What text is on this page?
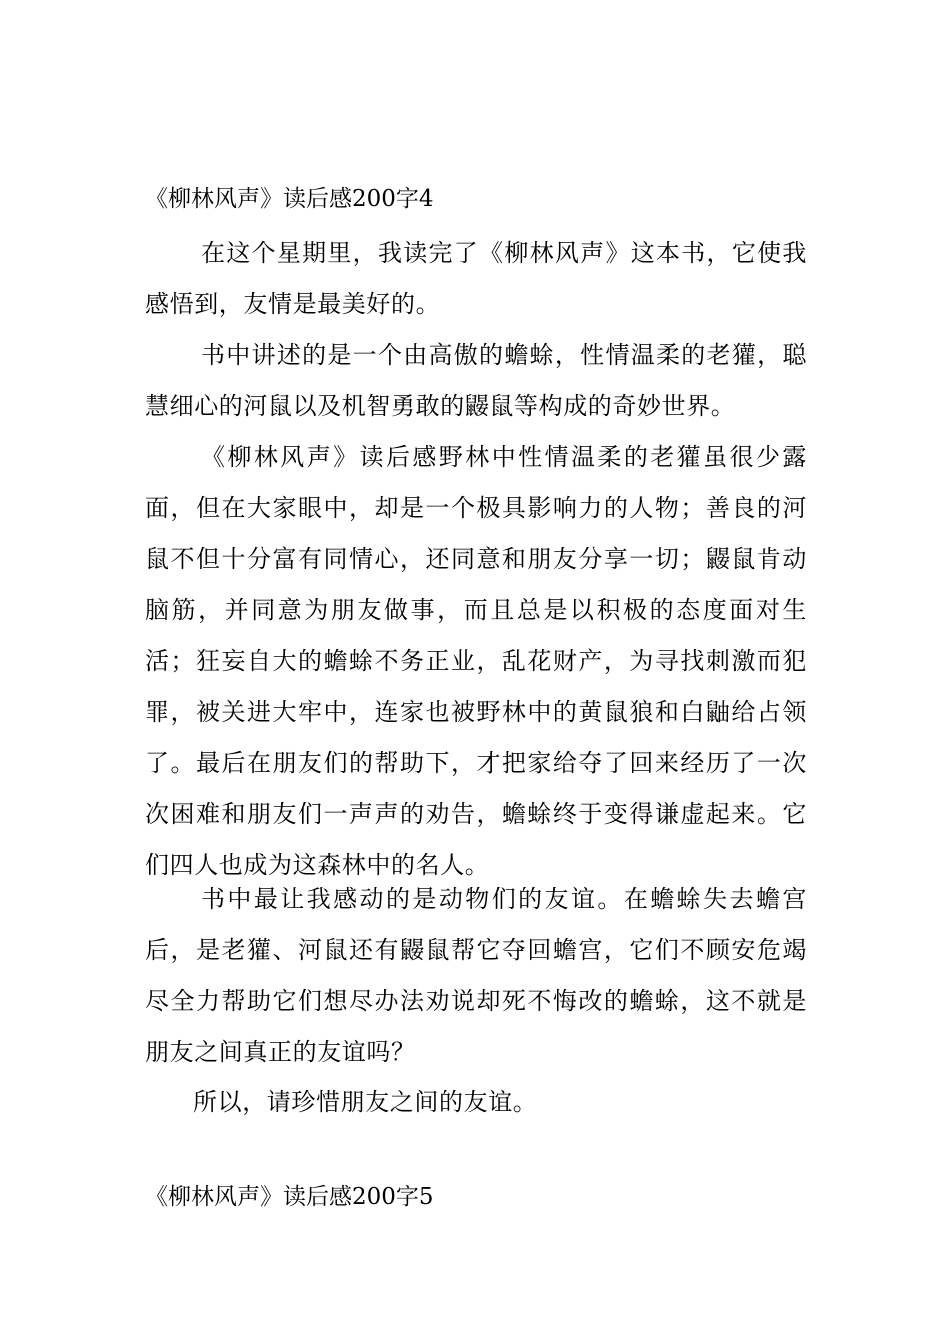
《柳林风声》读后感200字4

在这个星期里，我读完了《柳林风声》这本书，它使我感悟到，友情是最美好的。

书中讲述的是一个由高傲的蟾蜍，性情温柔的老獾，聪慧细心的河鼠以及机智勇敢的鼹鼠等构成的奇妙世界。

《柳林风声》读后感野林中性情温柔的老獾虽很少露面，但在大家眼中，却是一个极具影响力的人物；善良的河鼠不但十分富有同情心，还同意和朋友分享一切；鼹鼠肯动脑筋，并同意为朋友做事，而且总是以积极的态度面对生活；狂妄自大的蟾蜍不务正业，乱花财产，为寻找刺激而犯罪，被关进大牢中，连家也被野林中的黄鼠狼和白鼬给占领了。最后在朋友们的帮助下，才把家给夺了回来经历了一次次困难和朋友们一声声的劝告，蟾蜍终于变得谦虚起来。它们四人也成为这森林中的名人。

书中最让我感动的是动物们的友谊。在蟾蜍失去蟾宫后，是老獾、河鼠还有鼹鼠帮它夺回蟾宫，它们不顾安危竭尽全力帮助它们想尽办法劝说却死不悔改的蟾蜍，这不就是朋友之间真正的友谊吗？

所以，请珍惜朋友之间的友谊。

《柳林风声》读后感200字5
